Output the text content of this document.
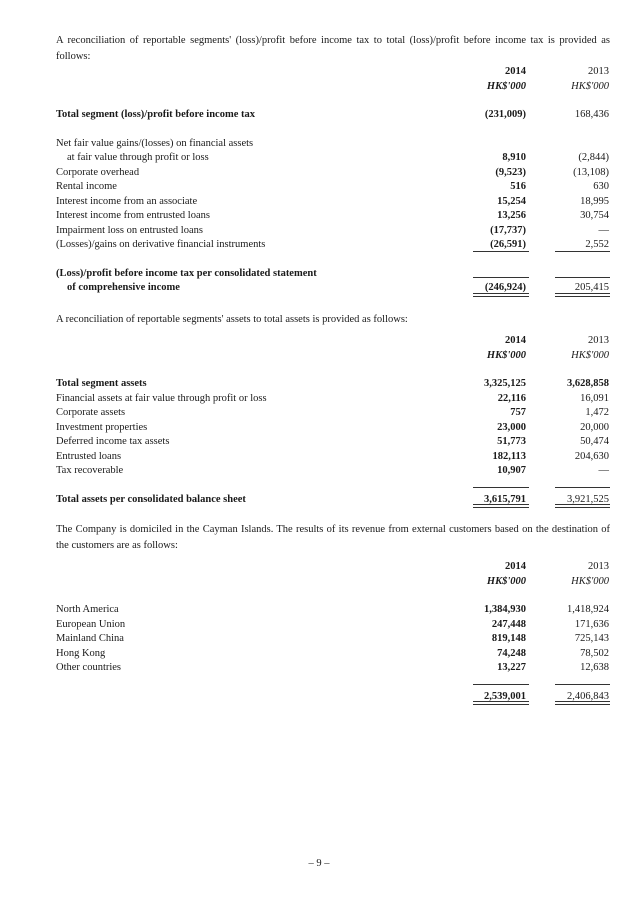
A reconciliation of reportable segments' (loss)/profit before income tax to total (loss)/profit before income tax is provided as follows:
2014	2013
HK$'000	HK$'000
Total segment (loss)/profit before income tax	(231,009)	168,436
Net fair value gains/(losses) on financial assets
at fair value through profit or loss	8,910	(2,844)
Corporate overhead	(9,523)	(13,108)
Rental income	516	630
Interest income from an associate	15,254	18,995
Interest income from entrusted loans	13,256	30,754
Impairment loss on entrusted loans	(17,737)	—
(Losses)/gains on derivative financial instruments	(26,591)	2,552
(Loss)/profit before income tax per consolidated statement
of comprehensive income	(246,924)	205,415
A reconciliation of reportable segments' assets to total assets is provided as follows:
2014	2013
HK$'000	HK$'000
Total segment assets	3,325,125	3,628,858
Financial assets at fair value through profit or loss	22,116	16,091
Corporate assets	757	1,472
Investment properties	23,000	20,000
Deferred income tax assets	51,773	50,474
Entrusted loans	182,113	204,630
Tax recoverable	10,907	—
Total assets per consolidated balance sheet	3,615,791	3,921,525
The Company is domiciled in the Cayman Islands. The results of its revenue from external customers based on the destination of the customers are as follows:
2014	2013
HK$'000	HK$'000
North America	1,384,930	1,418,924
European Union	247,448	171,636
Mainland China	819,148	725,143
Hong Kong	74,248	78,502
Other countries	13,227	12,638
2,539,001	2,406,843
– 9 –
